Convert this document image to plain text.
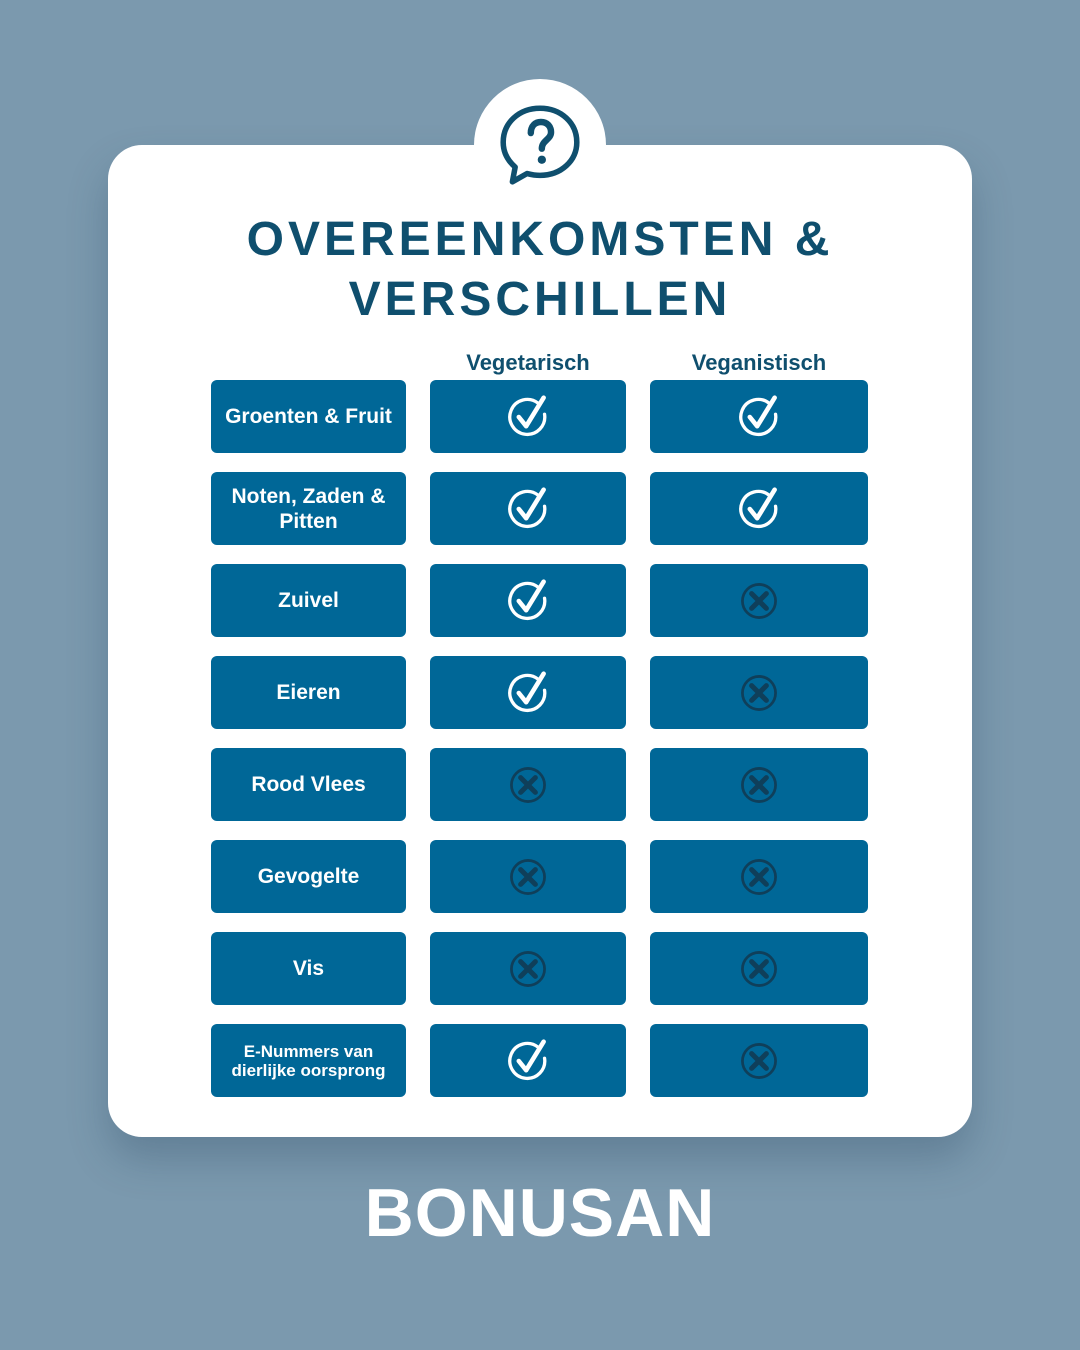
OVEREENKOMSTEN &
VERSCHILLEN
Vegetarisch	Veganistisch
Groenten & Fruit
Noten, Zaden & Pitten
Zuivel
Eieren
Rood Vlees
Gevogelte
Vis
E-Nummers van dierlijke oorsprong
BONUSAN
